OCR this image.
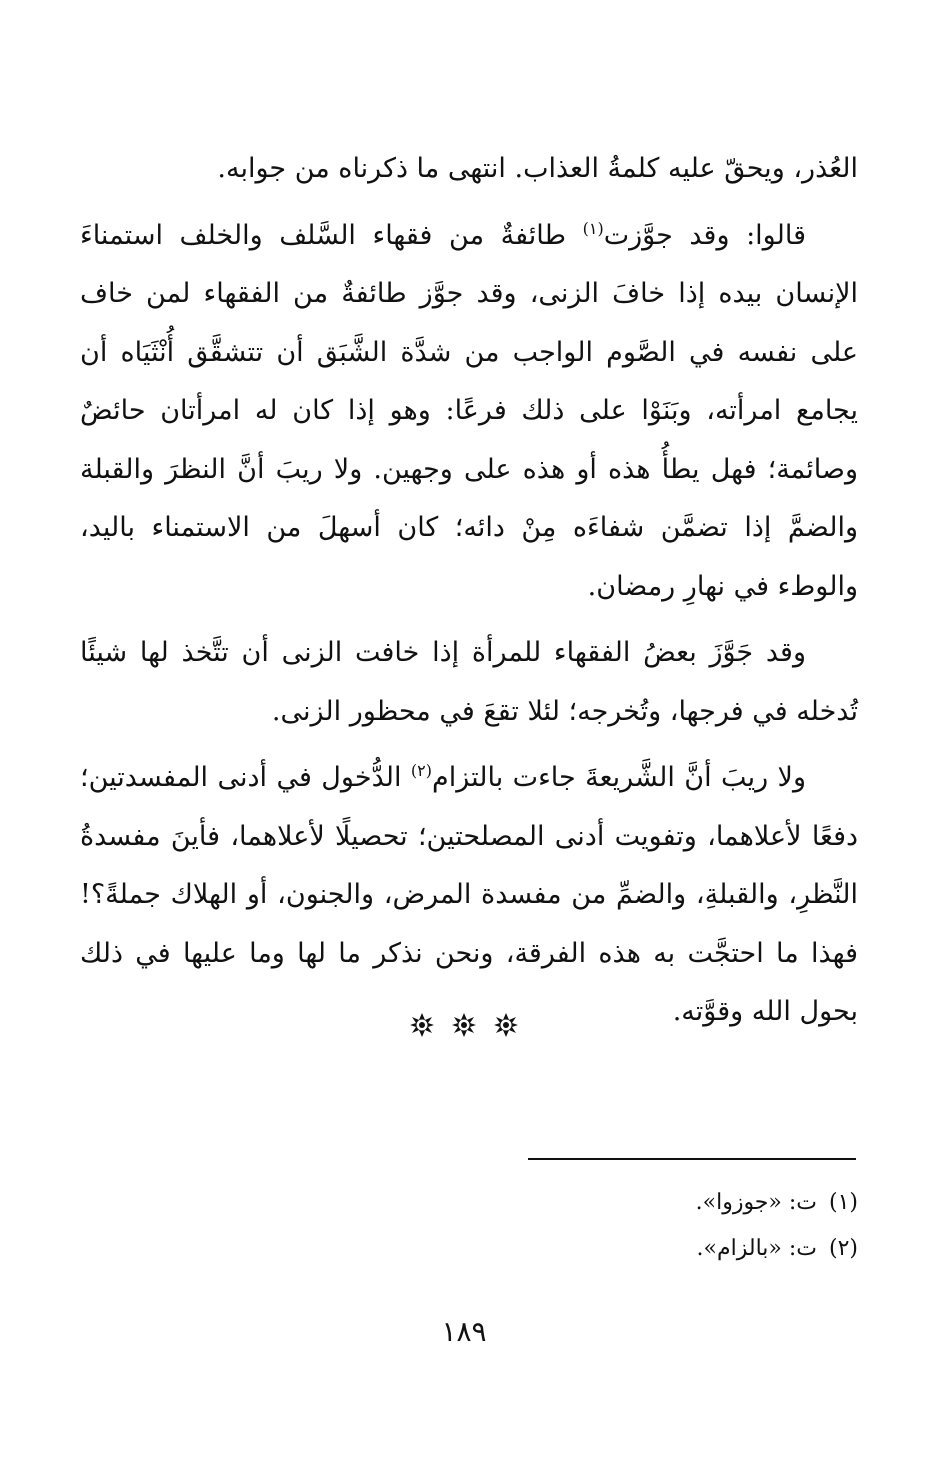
العُذر، ويحقّ عليه كلمةُ العذاب. انتهى ما ذكرناه من جوابه.

قالوا: وقد جوَّزت$^{(١)}$ طائفةٌ من فقهاء السَّلف والخلف استمناءَ الإنسان بيده إذا خافَ الزنى، وقد جوَّز طائفةٌ من الفقهاء لمن خاف على نفسه في الصَّوم الواجب من شدَّة الشَّبَق أن تتشقَّق أُنْثَيَاه أن يجامع امرأته، وبَنَوْا على ذلك فرعًا: وهو إذا كان له امرأتان حائضٌ وصائمة؛ فهل يطأُ هذه أو هذه على وجهين. ولا ريبَ أنَّ النظرَ والقبلة والضمَّ إذا تضمَّن شفاءَه مِنْ دائه؛ كان أسهلَ من الاستمناء باليد، والوطء في نهارِ رمضان.

وقد جَوَّزَ بعضُ الفقهاء للمرأة إذا خافت الزنى أن تتَّخذ لها شيئًا تُدخله في فرجها، وتُخرجه؛ لئلا تقعَ في محظور الزنى.

ولا ريبَ أنَّ الشَّريعةَ جاءت بالتزام$^{(٢)}$ الدُّخول في أدنى المفسدتين؛ دفعًا لأعلاهما، وتفويت أدنى المصلحتين؛ تحصيلًا لأعلاهما، فأينَ مفسدةُ النَّظرِ، والقبلةِ، والضمِّ من مفسدة المرض، والجنون، أو الهلاك جملةً؟! فهذا ما احتجَّت به هذه الفرقة، ونحن نذكر ما لها وما عليها في ذلك بحول الله وقوَّته.

(١)ت: «جوزوا».
(٢)ت: «بالزام».
١٨٩
